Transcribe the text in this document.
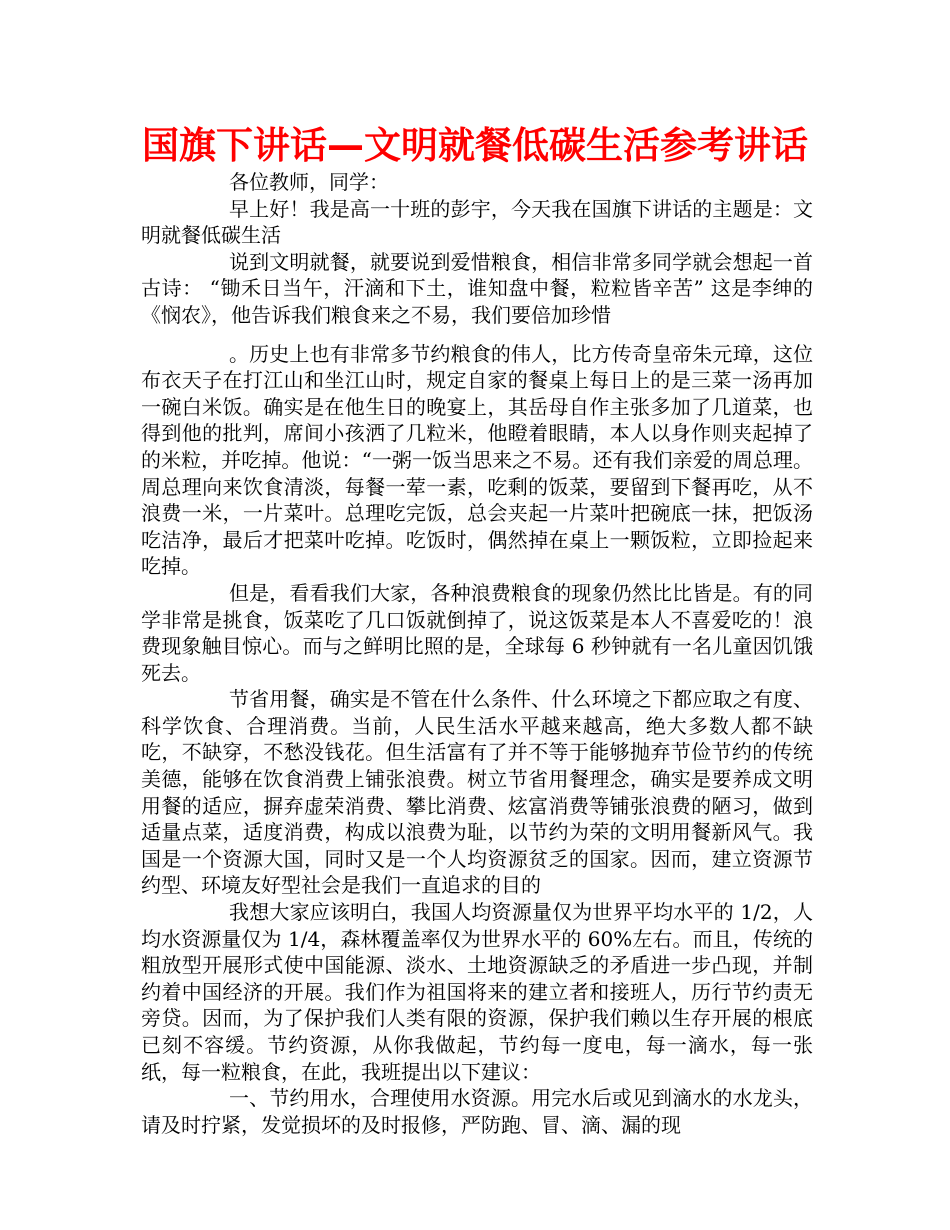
国旗下讲话—文明就餐低碳生活参考讲话

各位教师，同学：

早上好！我是高一十班的彭宇，今天我在国旗下讲话的主题是：文明就餐低碳生活

说到文明就餐，就要说到爱惜粮食，相信非常多同学就会想起一首古诗： “锄禾日当午，汗滴和下土，谁知盘中餐，粒粒皆辛苦” 这是李绅的《悯农》，他告诉我们粮食来之不易，我们要倍加珍惜

。历史上也有非常多节约粮食的伟人，比方传奇皇帝朱元璋，这位布衣天子在打江山和坐江山时，规定自家的餐桌上每日上的是三菜一汤再加一碗白米饭。确实是在他生日的晚宴上，其岳母自作主张多加了几道菜，也得到他的批判，席间小孩洒了几粒米，他瞪着眼睛，本人以身作则夹起掉了的米粒，并吃掉。他说：“一粥一饭当思来之不易。还有我们亲爱的周总理。周总理向来饮食清淡，每餐一荤一素，吃剩的饭菜，要留到下餐再吃，从不浪费一米，一片菜叶。总理吃完饭，总会夹起一片菜叶把碗底一抹，把饭汤吃洁净，最后才把菜叶吃掉。吃饭时，偶然掉在桌上一颗饭粒，立即捡起来吃掉。

但是，看看我们大家，各种浪费粮食的现象仍然比比皆是。有的同学非常是挑食，饭菜吃了几口饭就倒掉了，说这饭菜是本人不喜爱吃的！浪费现象触目惊心。而与之鲜明比照的是，全球每 6 秒钟就有一名儿童因饥饿死去。

节省用餐，确实是不管在什么条件、什么环境之下都应取之有度、科学饮食、合理消费。当前，人民生活水平越来越高，绝大多数人都不缺吃，不缺穿，不愁没钱花。但生活富有了并不等于能够抛弃节俭节约的传统美德，能够在饮食消费上铺张浪费。树立节省用餐理念，确实是要养成文明用餐的适应，摒弃虚荣消费、攀比消费、炫富消费等铺张浪费的陋习，做到适量点菜，适度消费，构成以浪费为耻，以节约为荣的文明用餐新风气。我国是一个资源大国，同时又是一个人均资源贫乏的国家。因而，建立资源节约型、环境友好型社会是我们一直追求的目的

我想大家应该明白，我国人均资源量仅为世界平均水平的 1/2，人均水资源量仅为 1/4，森林覆盖率仅为世界水平的 60%左右。而且，传统的粗放型开展形式使中国能源、淡水、土地资源缺乏的矛盾进一步凸现，并制约着中国经济的开展。我们作为祖国将来的建立者和接班人，历行节约责无旁贷。因而，为了保护我们人类有限的资源，保护我们赖以生存开展的根底已刻不容缓。节约资源，从你我做起，节约每一度电，每一滴水，每一张纸，每一粒粮食，在此，我班提出以下建议：

一、节约用水，合理使用水资源。用完水后或见到滴水的水龙头，请及时拧紧，发觉损坏的及时报修，严防跑、冒、滴、漏的现
